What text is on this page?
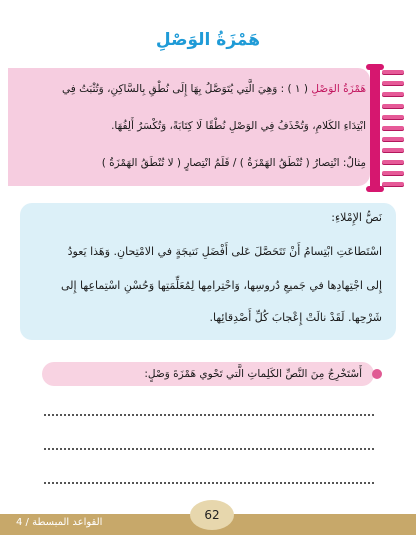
هَمْزَةُ الوَصْلِ
هَمْزَةُ الوَصْلِ ( ١ ) : وَهِيَ الَّتِي يُتَوَصَّلُ بِهَا إِلَى نُطْقِ بِالسَّاكِنِ، وَتُثْبَتُ فِي
ابْتِدَاءِ الكَلامِ، وَتُحْذَفُ فِي الوَصْلِ نُطْقًا لَا كِتَابَةً، وَتُكْسَرُ أَلِفُهَا.
مِثالٌ: انْتِصارُ ( تُنْطَقُ الهَمْزَةُ ) / قَلَمُ انْتِصارٍ ( لا تُنْطَقُ الهَمْزَةُ )
نَصُّ الإِمْلاءِ:
اسْتَطاعَتِ ابْتِسامُ أَنْ تَتَحَصَّلَ عَلى أَفْضَلِ نَتيجَةٍ في الامْتِحانِ. وَهَذا يَعودُ
إِلى اجْتِهادِها في جَميعِ دُروسِها، وَاحْتِرامِها لِمُعَلِّمَتِها وَحُسْنِ اسْتِماعِها إِلى
شَرْحِها. لَقَدْ نالَتْ إِعْجابَ كُلِّ أَصْدِقائِها.
أَسْتَخْرِجُ مِنَ النَّصِّ الكَلِماتِ الَّتي تَحْوي هَمْزَةَ وَصْلٍ:
القواعد المبسطة / 4
62
